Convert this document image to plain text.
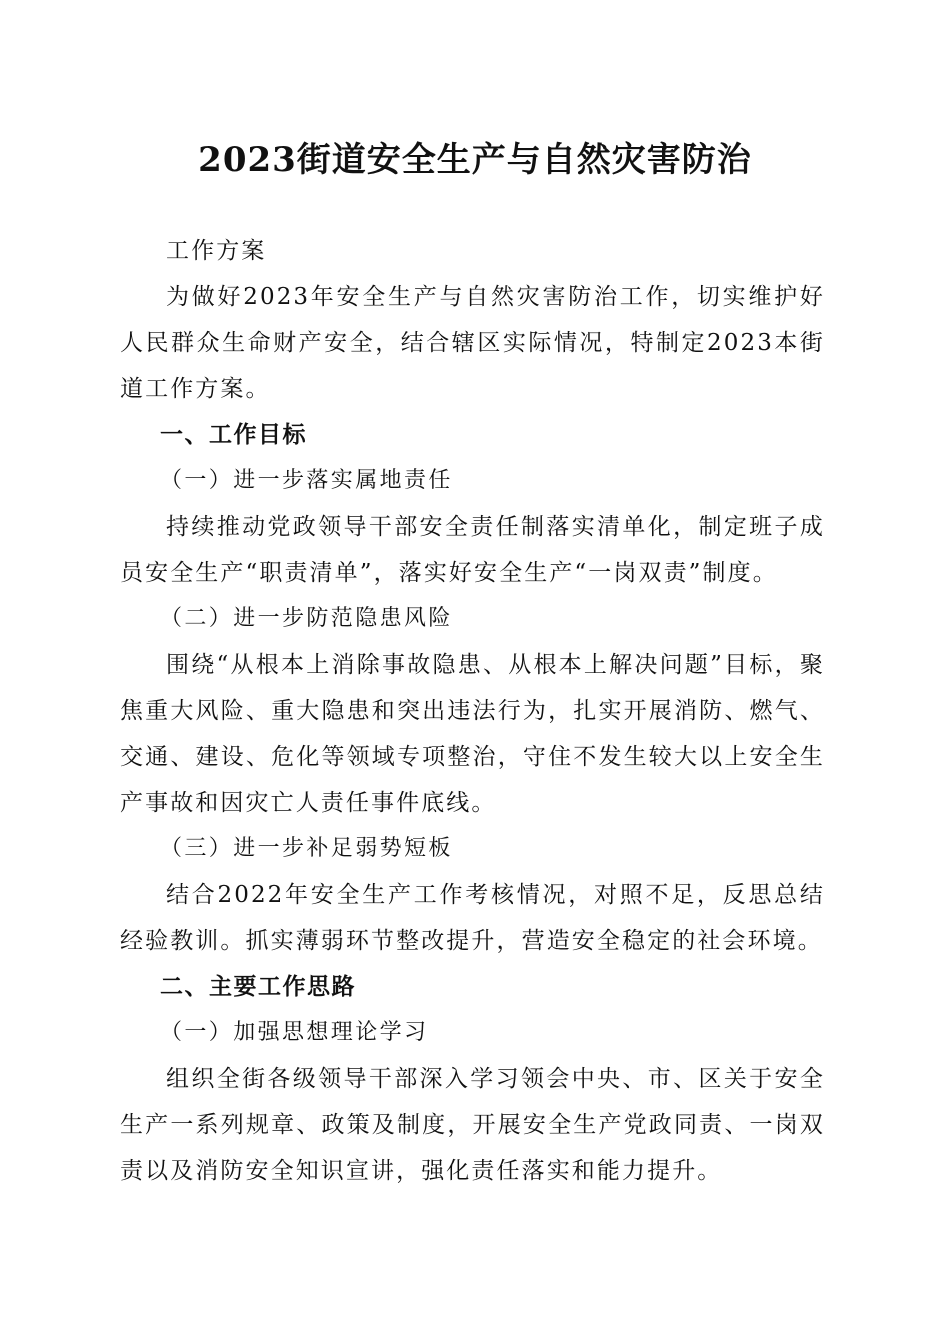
2023街道安全生产与自然灾害防治

工作方案

为做好2023年安全生产与自然灾害防治工作，切实维护好人民群众生命财产安全，结合辖区实际情况，特制定2023本街道工作方案。

一、工作目标

（一）进一步落实属地责任

持续推动党政领导干部安全责任制落实清单化，制定班子成员安全生产“职责清单”，落实好安全生产“一岗双责”制度。

（二）进一步防范隐患风险

围绕“从根本上消除事故隐患、从根本上解决问题”目标，聚焦重大风险、重大隐患和突出违法行为，扎实开展消防、燃气、交通、建设、危化等领域专项整治，守住不发生较大以上安全生产事故和因灾亡人责任事件底线。

（三）进一步补足弱势短板

结合2022年安全生产工作考核情况，对照不足，反思总结经验教训。抓实薄弱环节整改提升，营造安全稳定的社会环境。

二、主要工作思路

（一）加强思想理论学习

组织全街各级领导干部深入学习领会中央、市、区关于安全生产一系列规章、政策及制度，开展安全生产党政同责、一岗双责以及消防安全知识宣讲，强化责任落实和能力提升。
